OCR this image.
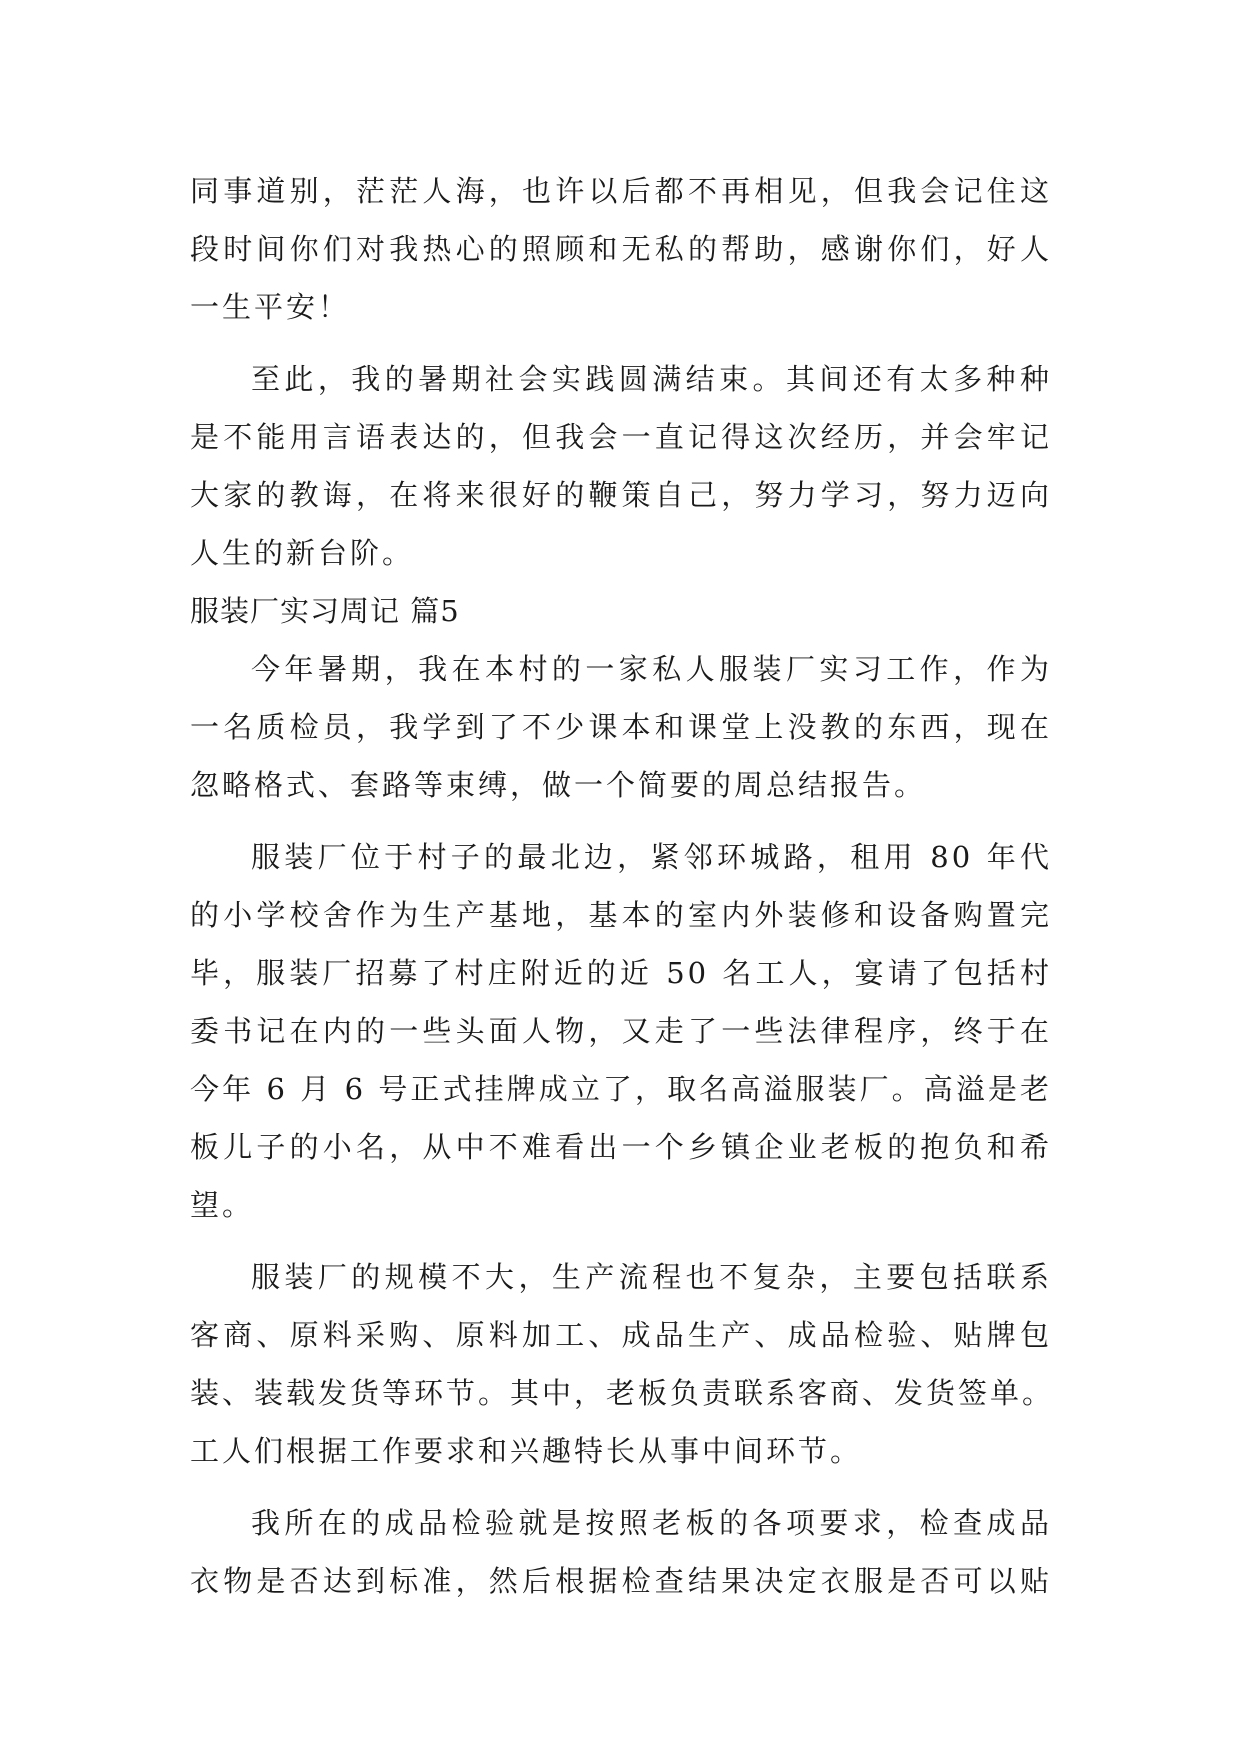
同事道别，茫茫人海，也许以后都不再相见，但我会记住这
段时间你们对我热心的照顾和无私的帮助，感谢你们，好人
一生平安！
至此，我的暑期社会实践圆满结束。其间还有太多种种
是不能用言语表达的，但我会一直记得这次经历，并会牢记
大家的教诲，在将来很好的鞭策自己，努力学习，努力迈向
人生的新台阶。
服装厂实习周记 篇5
今年暑期，我在本村的一家私人服装厂实习工作，作为
一名质检员，我学到了不少课本和课堂上没教的东西，现在
忽略格式、套路等束缚，做一个简要的周总结报告。
服装厂位于村子的最北边，紧邻环城路，租用 80 年代
的小学校舍作为生产基地，基本的室内外装修和设备购置完
毕，服装厂招募了村庄附近的近 50 名工人，宴请了包括村
委书记在内的一些头面人物，又走了一些法律程序，终于在
今年 6 月 6 号正式挂牌成立了，取名高溢服装厂。高溢是老
板儿子的小名，从中不难看出一个乡镇企业老板的抱负和希
望。
服装厂的规模不大，生产流程也不复杂，主要包括联系
客商、原料采购、原料加工、成品生产、成品检验、贴牌包
装、装载发货等环节。其中，老板负责联系客商、发货签单。
工人们根据工作要求和兴趣特长从事中间环节。
我所在的成品检验就是按照老板的各项要求，检查成品
衣物是否达到标准，然后根据检查结果决定衣服是否可以贴
